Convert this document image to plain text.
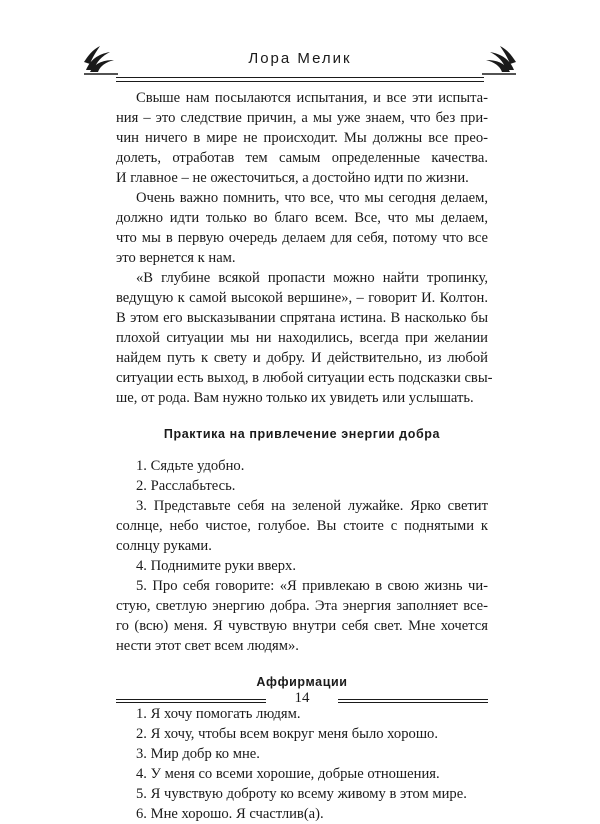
Лора Мелик
Свыше нам посылаются испытания, и все эти испыта-
ния – это следствие причин, а мы уже знаем, что без при-
чин ничего в мире не происходит. Мы должны все прео-
долеть, отработав тем самым определенные качества.
И главное – не ожесточиться, а достойно идти по жизни.
Очень важно помнить, что все, что мы сегодня делаем,
должно идти только во благо всем. Все, что мы делаем,
что мы в первую очередь делаем для себя, потому что все
это вернется к нам.
«В глубине всякой пропасти можно найти тропинку,
ведущую к самой высокой вершине», – говорит И. Колтон.
В этом его высказывании спрятана истина. В насколько бы
плохой ситуации мы ни находились, всегда при желании
найдем путь к свету и добру. И действительно, из любой
ситуации есть выход, в любой ситуации есть подсказки свы-
ше, от рода. Вам нужно только их увидеть или услышать.
Практика на привлечение энергии добра
1. Сядьте удобно.
2. Расслабьтесь.
3. Представьте себя на зеленой лужайке. Ярко светит
солнце, небо чистое, голубое. Вы стоите с поднятыми к
солнцу руками.
4. Поднимите руки вверх.
5. Про себя говорите: «Я привлекаю в свою жизнь чи-
стую, светлую энергию добра. Эта энергия заполняет все-
го (всю) меня. Я чувствую внутри себя свет. Мне хочется
нести этот свет всем людям».
Аффирмации
1. Я хочу помогать людям.
2. Я хочу, чтобы всем вокруг меня было хорошо.
3. Мир добр ко мне.
4. У меня со всеми хорошие, добрые отношения.
5. Я чувствую доброту ко всему живому в этом мире.
6. Мне хорошо. Я счастлив(а).
14
